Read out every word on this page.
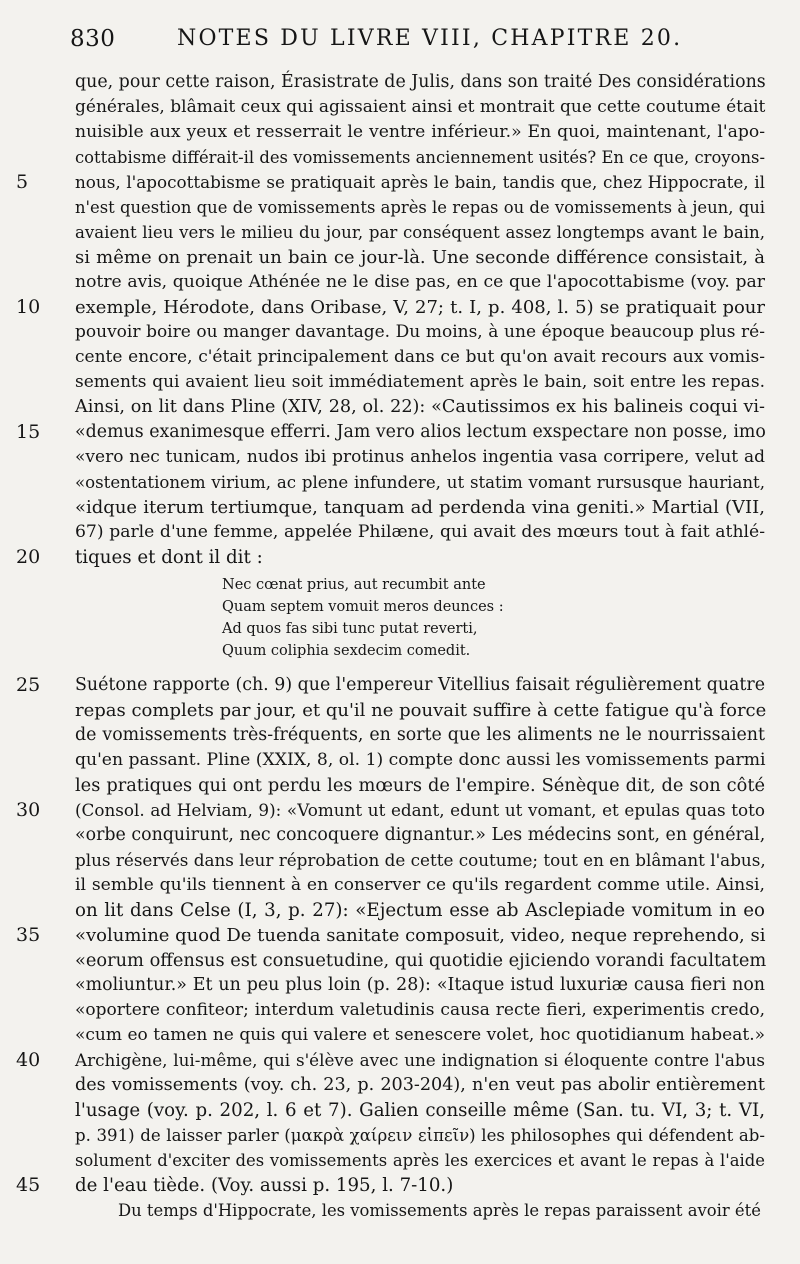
830	NOTES DU LIVRE VIII, CHAPITRE 20.
que, pour cette raison, Érasistrate de Julis, dans son traité Des considérations
générales, blâmait ceux qui agissaient ainsi et montrait que cette coutume était
nuisible aux yeux et resserrait le ventre inférieur.» En quoi, maintenant, l'apo-
cottabisme différait-il des vomissements anciennement usités? En ce que, croyons-
nous, l'apocottabisme se pratiquait après le bain, tandis que, chez Hippocrate, il
n'est question que de vomissements après le repas ou de vomissements à jeun, qui
avaient lieu vers le milieu du jour, par conséquent assez longtemps avant le bain,
si même on prenait un bain ce jour-là. Une seconde différence consistait, à
notre avis, quoique Athénée ne le dise pas, en ce que l'apocottabisme (voy. par
exemple, Hérodote, dans Oribase, V, 27; t. I, p. 408, l. 5) se pratiquait pour
pouvoir boire ou manger davantage. Du moins, à une époque beaucoup plus ré-
cente encore, c'était principalement dans ce but qu'on avait recours aux vomis-
sements qui avaient lieu soit immédiatement après le bain, soit entre les repas.
Ainsi, on lit dans Pline (XIV, 28, ol. 22): «Cautissimos ex his balineis coqui vi-
«demus exanimesque efferri. Jam vero alios lectum exspectare non posse, imo
«vero nec tunicam, nudos ibi protinus anhelos ingentia vasa corripere, velut ad
«ostentationem virium, ac plene infundere, ut statim vomant rursusque hauriant,
«idque iterum tertiumque, tanquam ad perdenda vina geniti.» Martial (VII,
67) parle d'une femme, appelée Philæne, qui avait des mœurs tout à fait athlé-
tiques et dont il dit :
Nec cœnat prius, aut recumbit ante
Quam septem vomuit meros deunces :
Ad quos fas sibi tunc putat reverti,
Quum coliphia sexdecim comedit.
Suétone rapporte (ch. 9) que l'empereur Vitellius faisait régulièrement quatre
repas complets par jour, et qu'il ne pouvait suffire à cette fatigue qu'à force
de vomissements très-fréquents, en sorte que les aliments ne le nourrissaient
qu'en passant. Pline (XXIX, 8, ol. 1) compte donc aussi les vomissements parmi
les pratiques qui ont perdu les mœurs de l'empire. Sénèque dit, de son côté
(Consol. ad Helviam, 9): «Vomunt ut edant, edunt ut vomant, et epulas quas toto
«orbe conquirunt, nec concoquere dignantur.» Les médecins sont, en général,
plus réservés dans leur réprobation de cette coutume; tout en en blâmant l'abus,
il semble qu'ils tiennent à en conserver ce qu'ils regardent comme utile. Ainsi,
on lit dans Celse (I, 3, p. 27): «Ejectum esse ab Asclepiade vomitum in eo
«volumine quod De tuenda sanitate composuit, video, neque reprehendo, si
«eorum offensus est consuetudine, qui quotidie ejiciendo vorandi facultatem
«moliuntur.» Et un peu plus loin (p. 28): «Itaque istud luxuriæ causa fieri non
«oportere confiteor; interdum valetudinis causa recte fieri, experimentis credo,
«cum eo tamen ne quis qui valere et senescere volet, hoc quotidianum habeat.»
Archigène, lui-même, qui s'élève avec une indignation si éloquente contre l'abus
des vomissements (voy. ch. 23, p. 203-204), n'en veut pas abolir entièrement
l'usage (voy. p. 202, l. 6 et 7). Galien conseille même (San. tu. VI, 3; t. VI,
p. 391) de laisser parler (μακρὰ χαίρειν εἰπεῖν) les philosophes qui défendent ab-
solument d'exciter des vomissements après les exercices et avant le repas à l'aide
de l'eau tiède. (Voy. aussi p. 195, l. 7-10.)
Du temps d'Hippocrate, les vomissements après le repas paraissent avoir été
5
10
15
20
25
30
35
40
45
